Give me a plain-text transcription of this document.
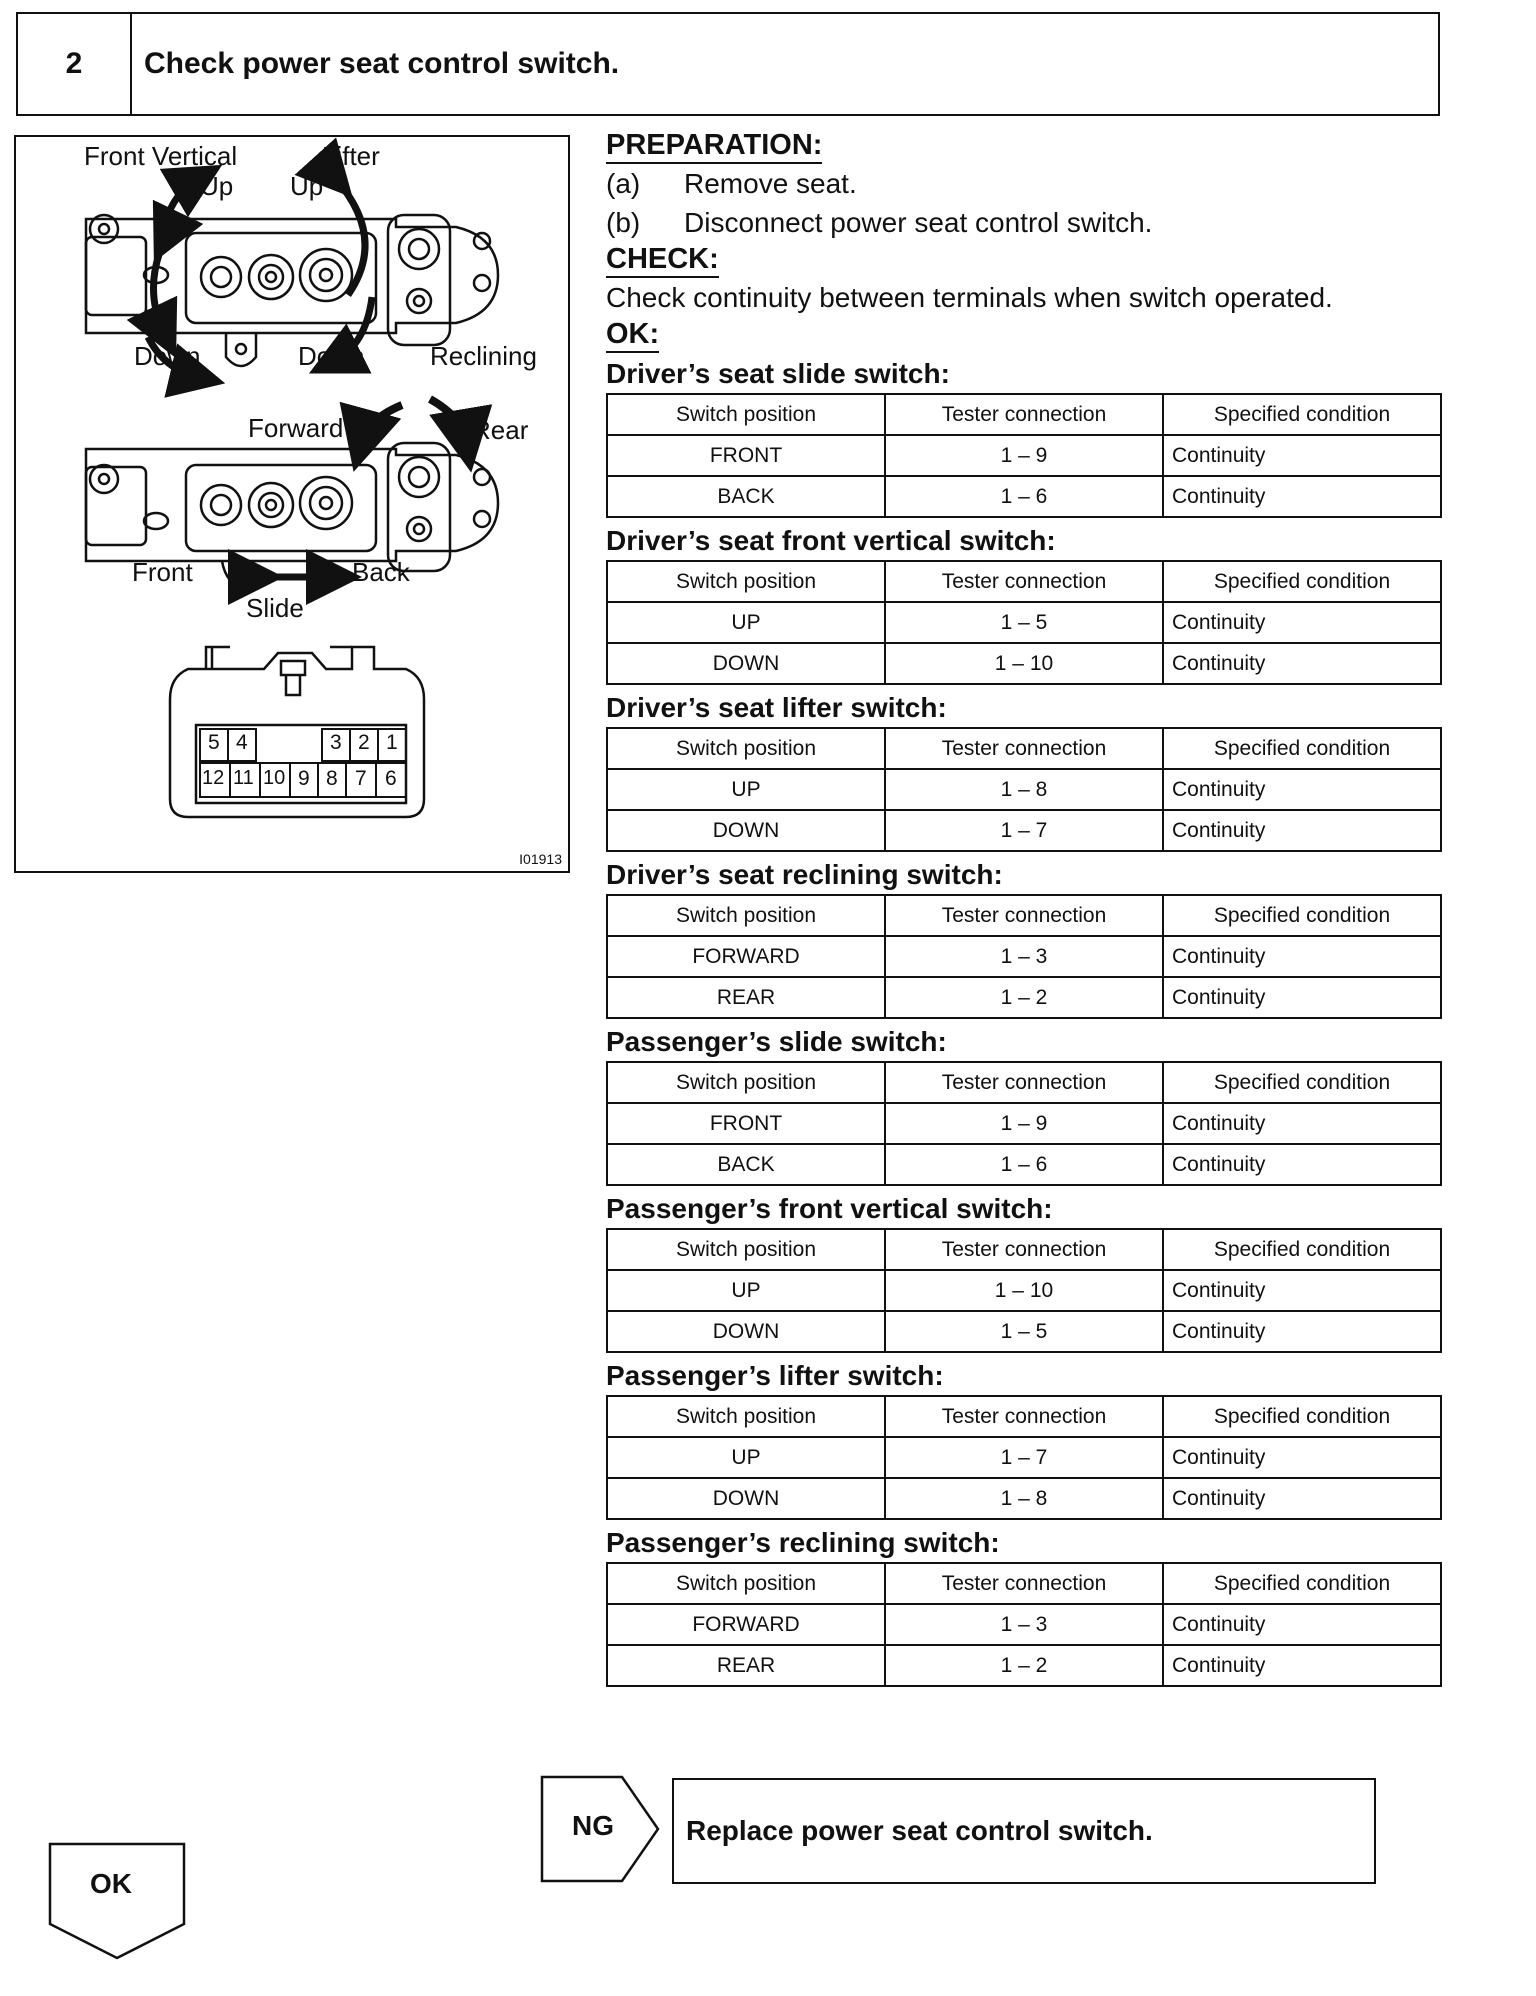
2	Check power seat control switch.
Front Vertical	Lifter
Up Up
Down	Down	Reclining
Forward	Rear
Front	Back
Slide
5 4	3 2 1
12 11 10 9 8 7 6
I01913
PREPARATION:
(a) Remove seat.
(b) Disconnect power seat control switch.
CHECK:
Check continuity between terminals when switch operated.
OK:
Driver’s seat slide switch:
Switch position	Tester connection	Specified condition
FRONT	1 – 9	Continuity
BACK	1 – 6	Continuity
Driver’s seat front vertical switch:
Switch position	Tester connection	Specified condition
UP	1 – 5	Continuity
DOWN	1 – 10	Continuity
Driver’s seat lifter switch:
Switch position	Tester connection	Specified condition
UP	1 – 8	Continuity
DOWN	1 – 7	Continuity
Driver’s seat reclining switch:
Switch position	Tester connection	Specified condition
FORWARD	1 – 3	Continuity
REAR	1 – 2	Continuity
Passenger’s slide switch:
Switch position	Tester connection	Specified condition
FRONT	1 – 9	Continuity
BACK	1 – 6	Continuity
Passenger’s front vertical switch:
Switch position	Tester connection	Specified condition
UP	1 – 10	Continuity
DOWN	1 – 5	Continuity
Passenger’s lifter switch:
Switch position	Tester connection	Specified condition
UP	1 – 7	Continuity
DOWN	1 – 8	Continuity
Passenger’s reclining switch:
Switch position	Tester connection	Specified condition
FORWARD	1 – 3	Continuity
REAR	1 – 2	Continuity
NG	Replace power seat control switch.
OK
